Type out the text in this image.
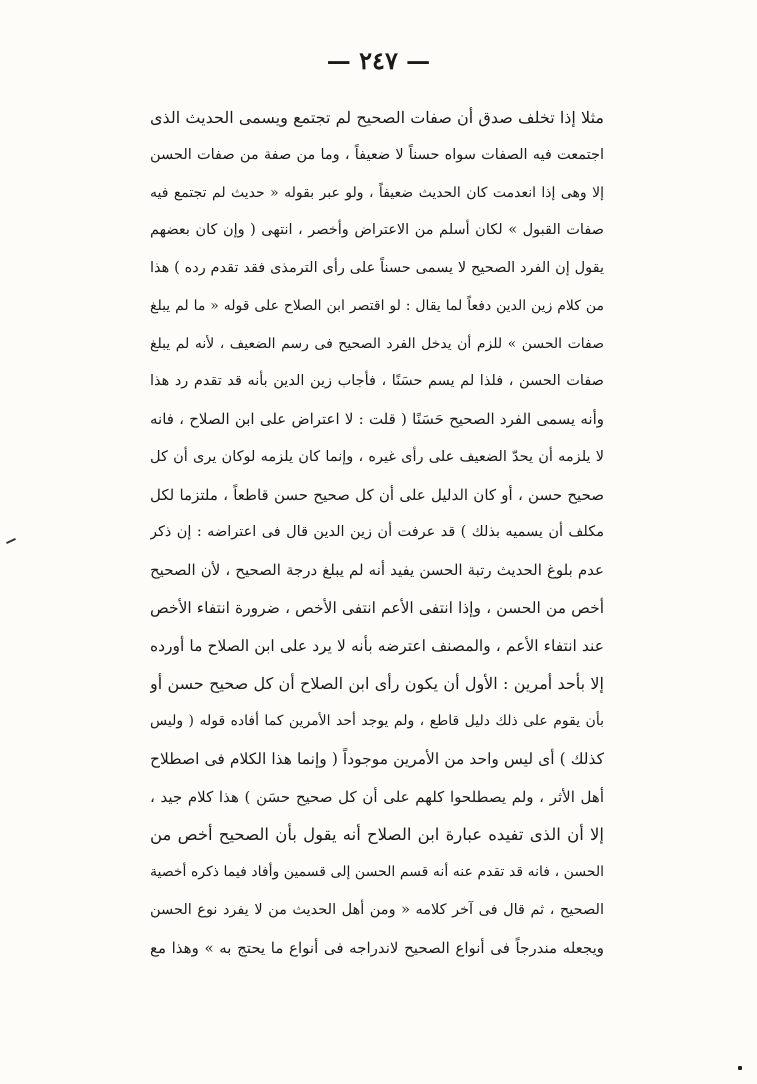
— ٢٤٧ —
مثلا إذا تخلف صدق أن صفات الصحيح لم تجتمع ويسمى الحديث الذى
اجتمعت فيه الصفات سواه حسناً لا ضعيفاً ، وما من صفة من صفات الحسن
إلا وهى إذا انعدمت كان الحديث ضعيفاً ، ولو عبر بقوله « حديث لم تجتمع فيه
صفات القبول » لكان أسلم من الاعتراض وأخصر ، انتهى ( وإن كان بعضهم
يقول إن الفرد الصحيح لا يسمى حسناً على رأى الترمذى فقد تقدم رده ) هذا
من كلام زين الدين دفعاً لما يقال : لو اقتصر ابن الصلاح على قوله « ما لم يبلغ
صفات الحسن » للزم أن يدخل الفرد الصحيح فى رسم الضعيف ، لأنه لم يبلغ
صفات الحسن ، فلذا لم يسم حسَنًا ، فأجاب زين الدين بأنه قد تقدم رد هذا
وأنه يسمى الفرد الصحيح حَسَنًا ( قلت : لا اعتراض على ابن الصلاح ، فانه
لا يلزمه أن يحدّ الضعيف على رأى غيره ، وإنما كان يلزمه لوكان يرى أن كل
صحيح حسن ، أو كان الدليل على أن كل صحيح حسن قاطعاً ، ملتزما لكل
مكلف أن يسميه بذلك ) قد عرفت أن زين الدين قال فى اعتراضه : إن ذكر
عدم بلوغ الحديث رتبة الحسن يفيد أنه لم يبلغ درجة الصحيح ، لأن الصحيح
أخص من الحسن ، وإذا انتفى الأعم انتفى الأخص ، ضرورة انتفاء الأخص
عند انتفاء الأعم ، والمصنف اعترضه بأنه لا يرد على ابن الصلاح ما أورده
إلا بأحد أمرين : الأول أن يكون رأى ابن الصلاح أن كل صحيح حسن أو
بأن يقوم على ذلك دليل قاطع ، ولم يوجد أحد الأمرين كما أفاده قوله ( وليس
كذلك ) أى ليس واحد من الأمرين موجوداً ( وإنما هذا الكلام فى اصطلاح
أهل الأثر ، ولم يصطلحوا كلهم على أن كل صحيح حسَن ) هذا كلام جيد ،
إلا أن الذى تفيده عبارة ابن الصلاح أنه يقول بأن الصحيح أخص من
الحسن ، فانه قد تقدم عنه أنه قسم الحسن إلى قسمين وأفاد فيما ذكره أخصية
الصحيح ، ثم قال فى آخر كلامه « ومن أهل الحديث من لا يفرد نوع الحسن
ويجعله مندرجاً فى أنواع الصحيح لاندراجه فى أنواع ما يحتج به » وهذا مع
